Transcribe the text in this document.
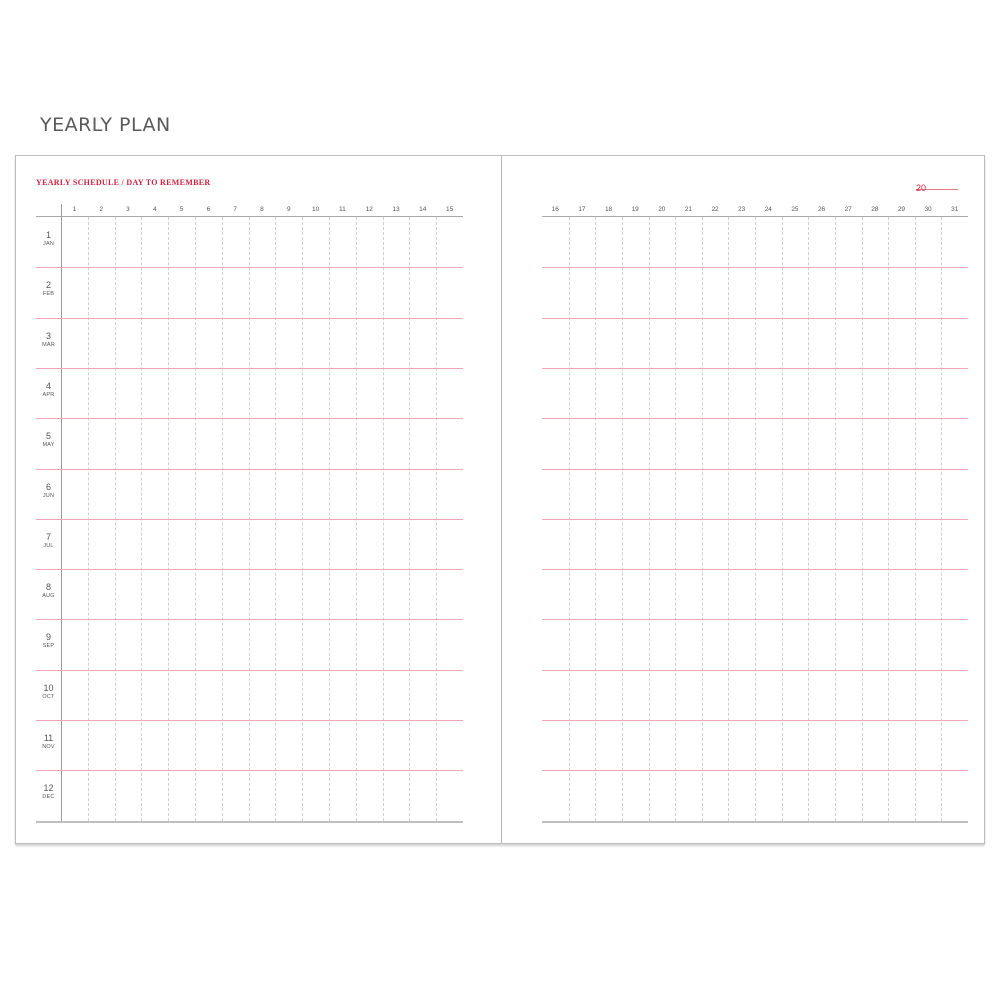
YEARLY PLAN
YEARLY SCHEDULE / DAY TO REMEMBER
1	2	3	4	5	6	7	8	9	10	11	12	13	14	15
1
JAN
2
FEB
3
MAR
4
APR
5
MAY
6
JUN
7
JUL
8
AUG
9
SEP
10
OCT
11
NOV
12
DEC
20
16	17	18	19	20	21	22	23	24	25	26	27	28	29	30	31
